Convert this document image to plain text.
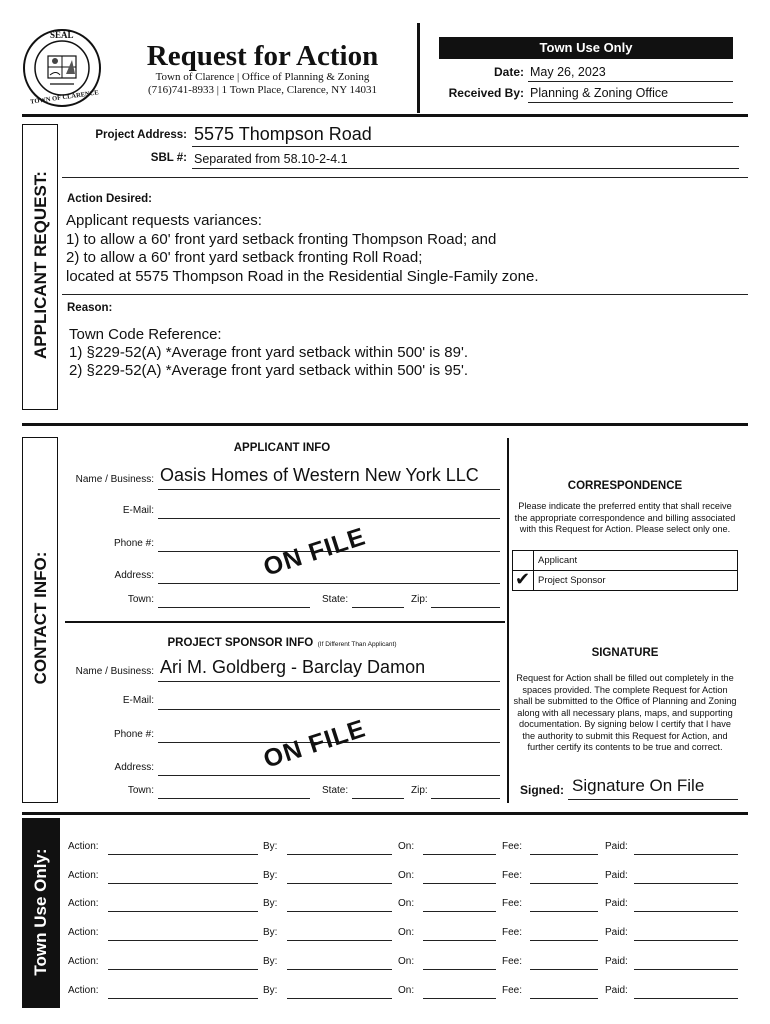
SEAL
TOWN OF CLARENCE
Request for Action
Town of Clarence | Office of Planning & Zoning
(716)741-8933 | 1 Town Place, Clarence, NY 14031
Town Use Only
Date: May 26, 2023
Received By: Planning & Zoning Office
APPLICANT REQUEST:
Project Address: 5575 Thompson Road
SBL #: Separated from 58.10-2-4.1
Action Desired:
Applicant requests variances:
1) to allow a 60' front yard setback fronting Thompson Road; and
2) to allow a 60' front yard setback fronting Roll Road;
located at 5575 Thompson Road in the Residential Single-Family zone.
Reason:
Town Code Reference:
1) §229-52(A) *Average front yard setback within 500' is 89'.
2) §229-52(A) *Average front yard setback within 500' is 95'.
CONTACT INFO:
APPLICANT INFO
Name / Business: Oasis Homes of Western New York LLC
E-Mail:
Phone #:	ON FILE
Address:
Town:	State:	Zip:
PROJECT SPONSOR INFO (If Different Than Applicant)
Name / Business: Ari M. Goldberg - Barclay Damon
E-Mail:
Phone #:	ON FILE
Address:
Town:	State:	Zip:
CORRESPONDENCE
Please indicate the preferred entity that shall receive the appropriate correspondence and billing associated with this Request for Action. Please select only one.
Applicant
✔ Project Sponsor
SIGNATURE
Request for Action shall be filled out completely in the spaces provided. The complete Request for Action shall be submitted to the Office of Planning and Zoning along with all necessary plans, maps, and supporting documentation. By signing below I certify that I have the authority to submit this Request for Action, and further certify its contents to be true and correct.
Signed: Signature On File
Town Use Only:
Action:	By:	On:	Fee:	Paid:
Action:	By:	On:	Fee:	Paid:
Action:	By:	On:	Fee:	Paid:
Action:	By:	On:	Fee:	Paid:
Action:	By:	On:	Fee:	Paid:
Action:	By:	On:	Fee:	Paid:
